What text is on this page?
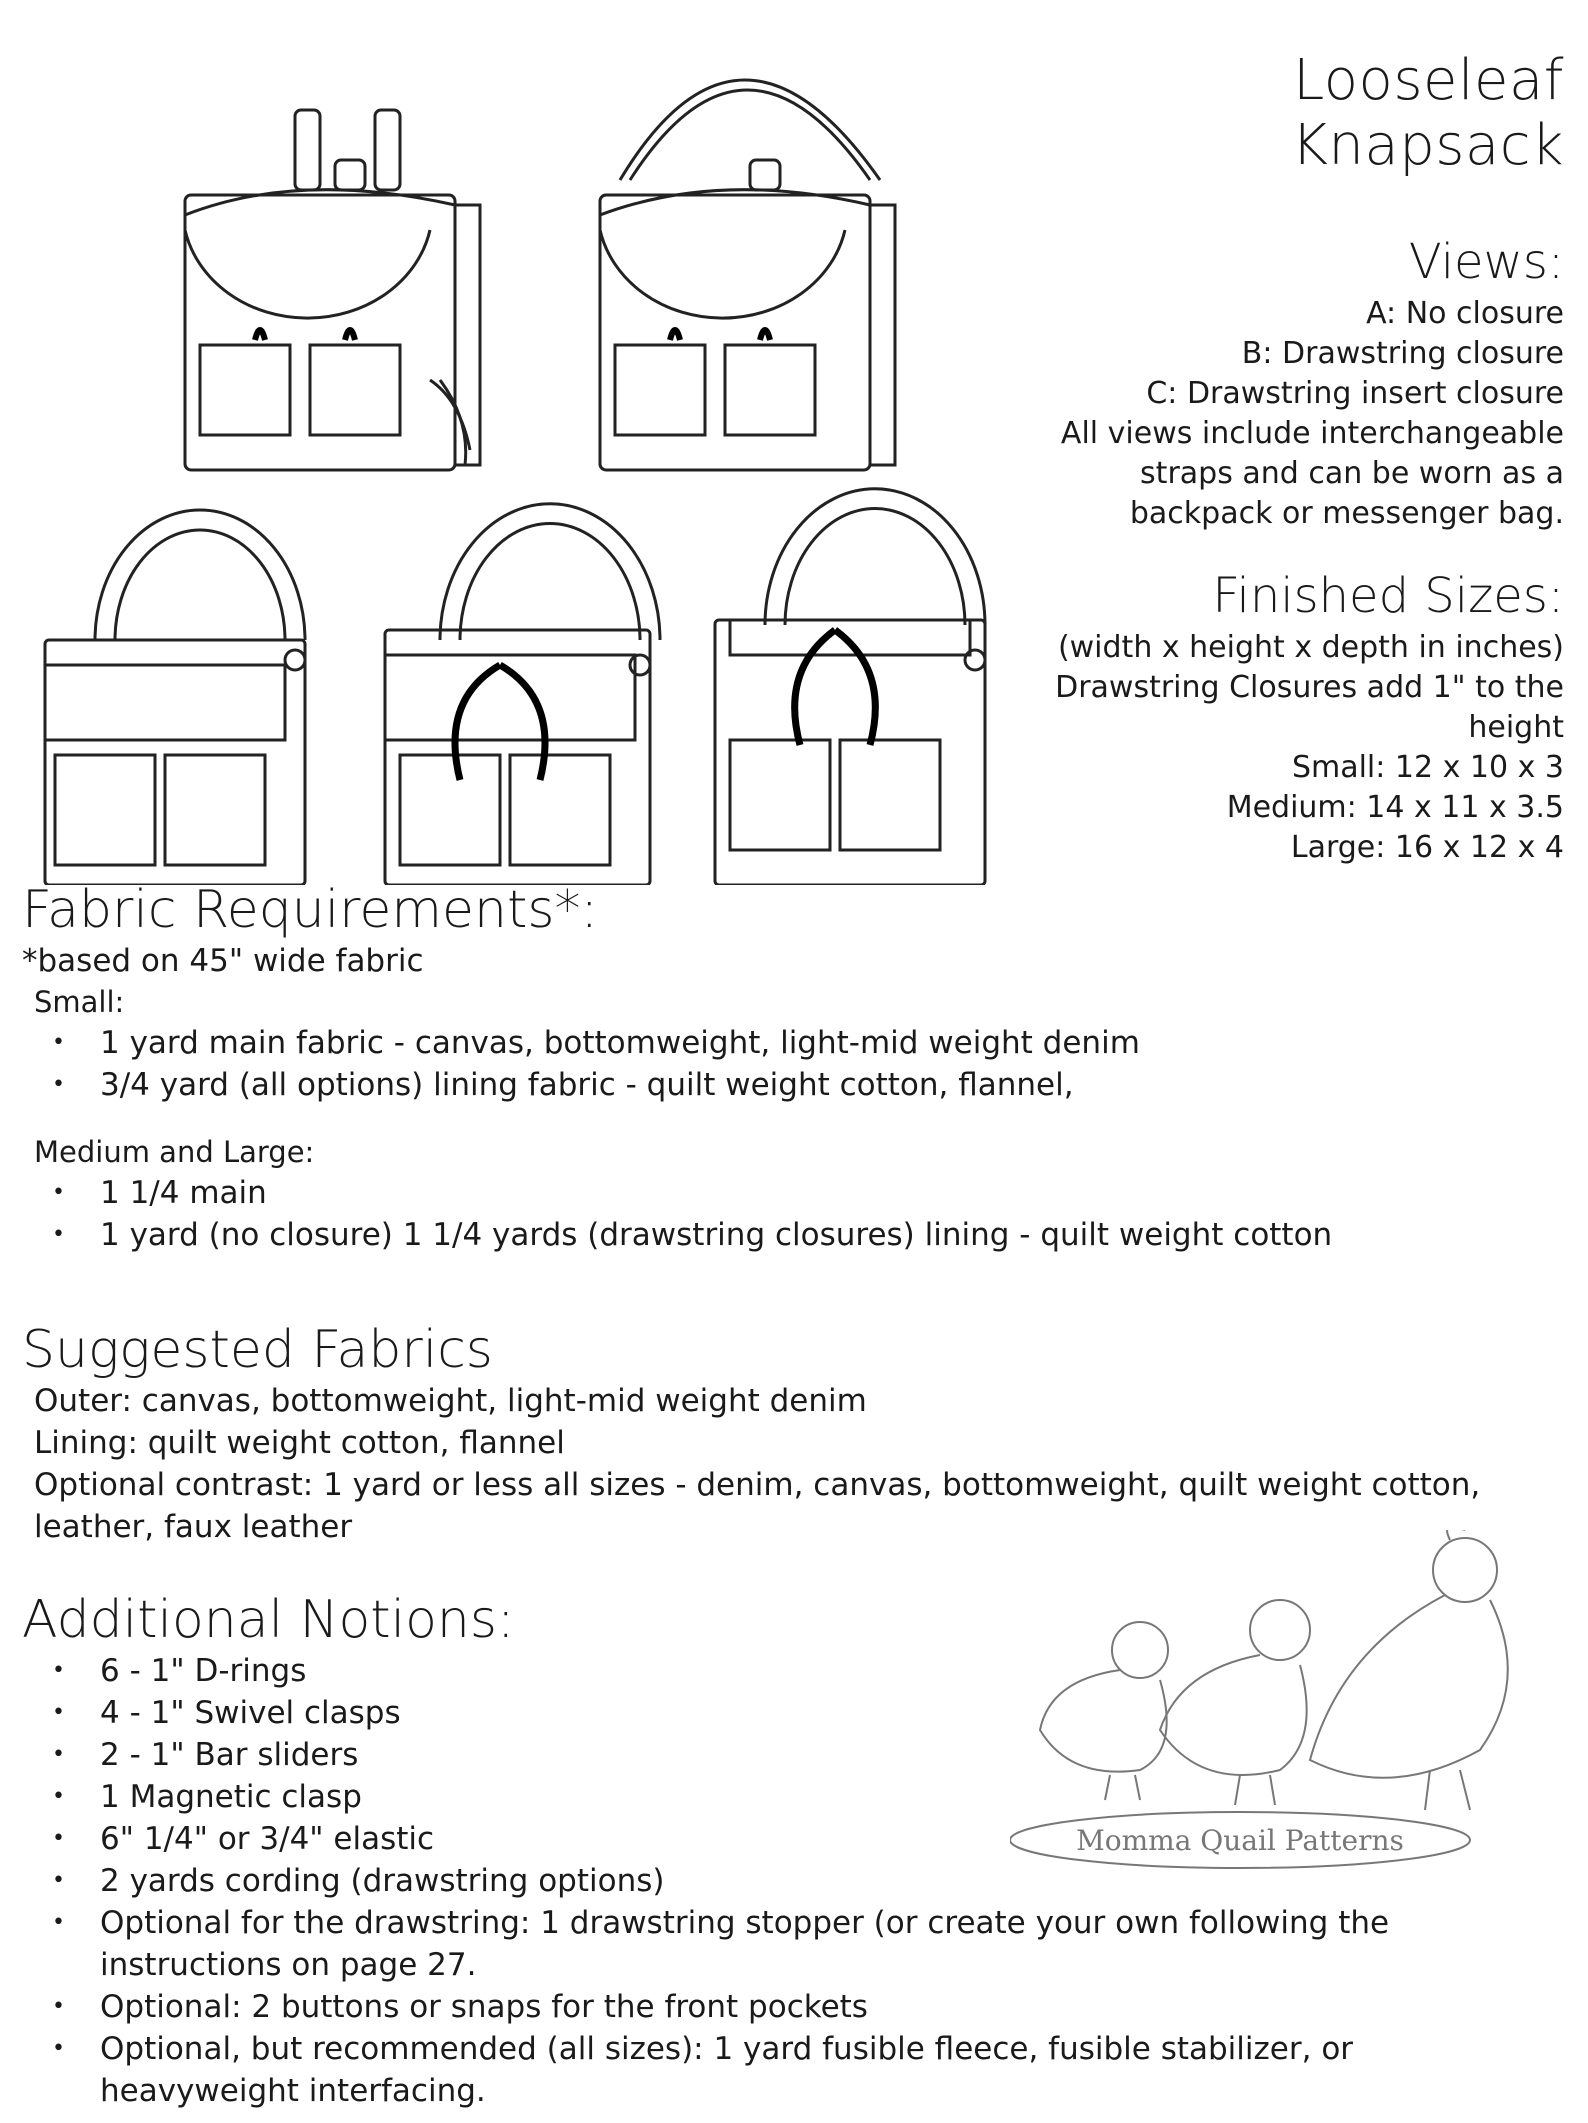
Looseleaf Knapsack
Views:
A: No closure
B: Drawstring closure
C: Drawstring insert closure
All views include interchangeable
straps and can be worn as a
backpack or messenger bag.
Finished Sizes:
(width x height x depth in inches)
Drawstring Closures add 1" to the
height
Small: 12 x 10 x 3
Medium: 14 x 11 x 3.5
Large: 16 x 12 x 4
Fabric Requirements*:
*based on 45" wide fabric
Small:
• 1 yard main fabric - canvas, bottomweight, light-mid weight denim
• 3/4 yard (all options) lining fabric - quilt weight cotton, flannel,
Medium and Large:
• 1 1/4 main
• 1 yard (no closure) 1 1/4 yards (drawstring closures) lining - quilt weight cotton
Suggested Fabrics
Outer: canvas, bottomweight, light-mid weight denim
Lining: quilt weight cotton, flannel
Optional contrast: 1 yard or less all sizes - denim, canvas, bottomweight, quilt weight cotton,
leather, faux leather
Additional Notions:
• 6 - 1" D-rings
• 4 - 1" Swivel clasps
• 2 - 1" Bar sliders
• 1 Magnetic clasp
• 6" 1/4" or 3/4" elastic
• 2 yards cording (drawstring options)
• Optional for the drawstring: 1 drawstring stopper (or create your own following the instructions on page 27.
• Optional: 2 buttons or snaps for the front pockets
• Optional, but recommended (all sizes): 1 yard fusible fleece, fusible stabilizer, or heavyweight interfacing.
Momma Quail Patterns
